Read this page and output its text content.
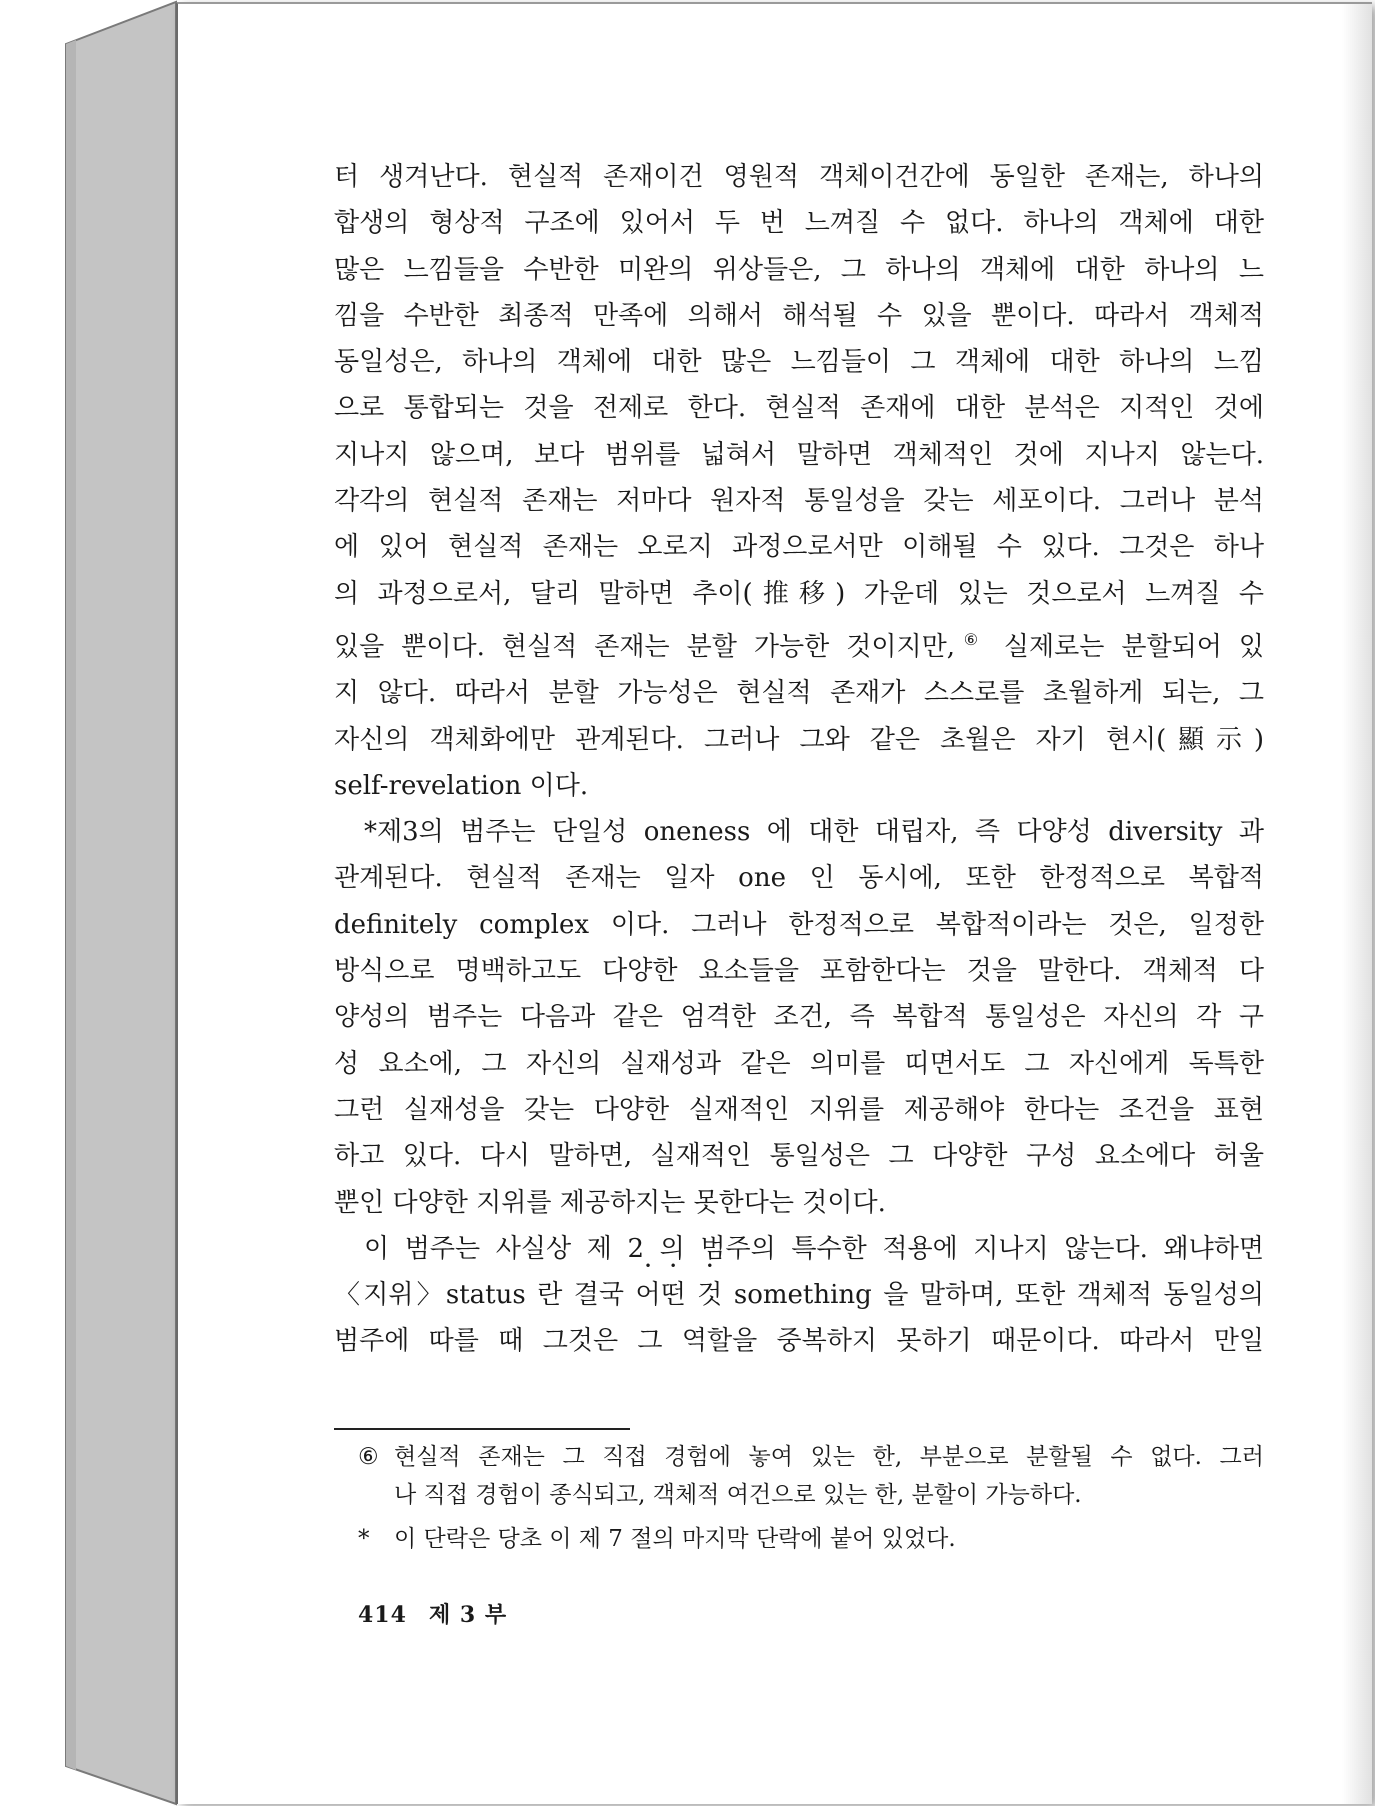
터 생겨난다. 현실적 존재이건 영원적 객체이건간에 동일한 존재는, 하나의

합생의 형상적 구조에 있어서 두 번 느껴질 수 없다. 하나의 객체에 대한

많은 느낌들을 수반한 미완의 위상들은, 그 하나의 객체에 대한 하나의 느

낌을 수반한 최종적 만족에 의해서 해석될 수 있을 뿐이다. 따라서 객체적

동일성은, 하나의 객체에 대한 많은 느낌들이 그 객체에 대한 하나의 느낌

으로 통합되는 것을 전제로 한다. 현실적 존재에 대한 분석은 지적인 것에

지나지 않으며, 보다 범위를 넓혀서 말하면 객체적인 것에 지나지 않는다.

각각의 현실적 존재는 저마다 원자적 통일성을 갖는 세포이다. 그러나 분석

에 있어 현실적 존재는 오로지 과정으로서만 이해될 수 있다. 그것은 하나

의 과정으로서, 달리 말하면 추이(推移) 가운데 있는 것으로서 느껴질 수

있을 뿐이다. 현실적 존재는 분할 가능한 것이지만,⑥ 실제로는 분할되어 있

지 않다. 따라서 분할 가능성은 현실적 존재가 스스로를 초월하게 되는, 그

자신의 객체화에만 관계된다. 그러나 그와 같은 초월은 자기 현시(顯示)

self-revelation 이다.

*제3의 범주는 단일성 oneness 에 대한 대립자, 즉 다양성 diversity 과

관계된다. 현실적 존재는 일자 one 인 동시에, 또한 한정적으로 복합적

definitely complex 이다. 그러나 한정적으로 복합적이라는 것은, 일정한

방식으로 명백하고도 다양한 요소들을 포함한다는 것을 말한다. 객체적 다

양성의 범주는 다음과 같은 엄격한 조건, 즉 복합적 통일성은 자신의 각 구

성 요소에, 그 자신의 실재성과 같은 의미를 띠면서도 그 자신에게 독특한

그런 실재성을 갖는 다양한 실재적인 지위를 제공해야 한다는 조건을 표현

하고 있다. 다시 말하면, 실재적인 통일성은 그 다양한 구성 요소에다 허울

뿐인 다양한 지위를 제공하지는 못한다는 것이다.

이 범주는 사실상 제 2 의 범주의 특수한 적용에 지나지 않는다. 왜냐하면

〈지위〉status 란 결국 어떤 것 something 을 말하며, 또한 객체적 동일성의

범주에 따를 때 그것은 그 역할을 중복하지 못하기 때문이다. 따라서 만일

⑥ 현실적 존재는 그 직접 경험에 놓여 있는 한, 부분으로 분할될 수 없다. 그러
나 직접 경험이 종식되고, 객체적 여건으로 있는 한, 분할이 가능하다.
*	이 단락은 당초 이 제 7 절의 마지막 단락에 붙어 있었다.
414 제 3 부
